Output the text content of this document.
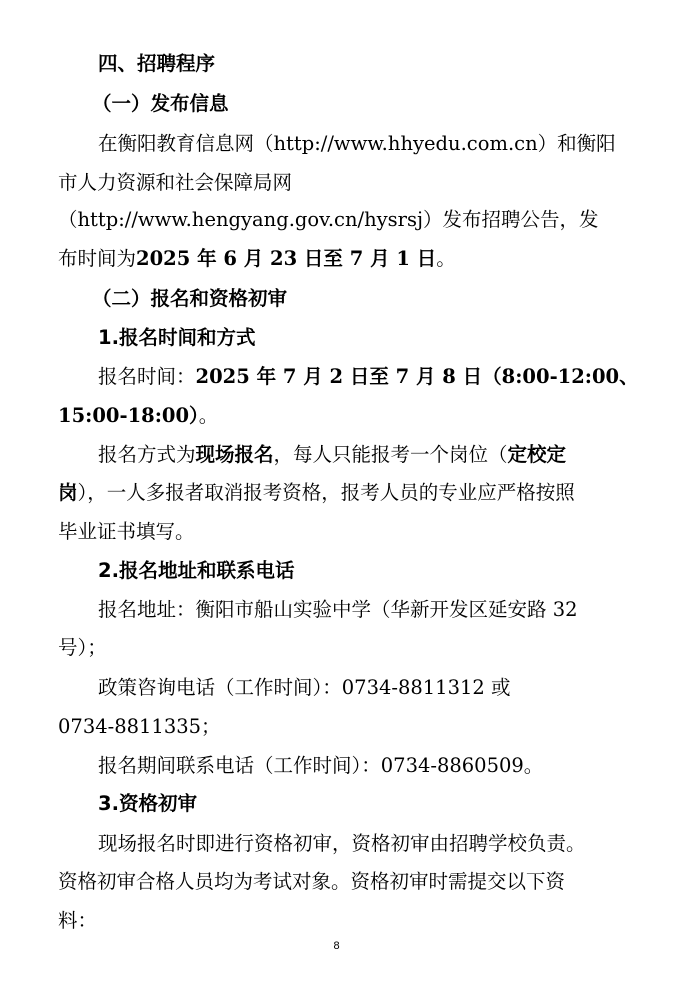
四、招聘程序
（一）发布信息
在衡阳教育信息网（http://www.hhyedu.com.cn）和衡阳
市人力资源和社会保障局网
（http://www.hengyang.gov.cn/hysrsj）发布招聘公告，发
布时间为2025 年 6 月 23 日至 7 月 1 日。
（二）报名和资格初审
1.报名时间和方式
报名时间：2025 年 7 月 2 日至 7 月 8 日（8:00-12:00、
15:00-18:00）。
报名方式为现场报名，每人只能报考一个岗位（定校定
岗），一人多报者取消报考资格，报考人员的专业应严格按照
毕业证书填写。
2.报名地址和联系电话
报名地址：衡阳市船山实验中学（华新开发区延安路 32
号）；
政策咨询电话（工作时间）：0734-8811312 或
0734-8811335；
报名期间联系电话（工作时间）：0734-8860509。
3.资格初审
现场报名时即进行资格初审，资格初审由招聘学校负责。
资格初审合格人员均为考试对象。资格初审时需提交以下资
料：
8
